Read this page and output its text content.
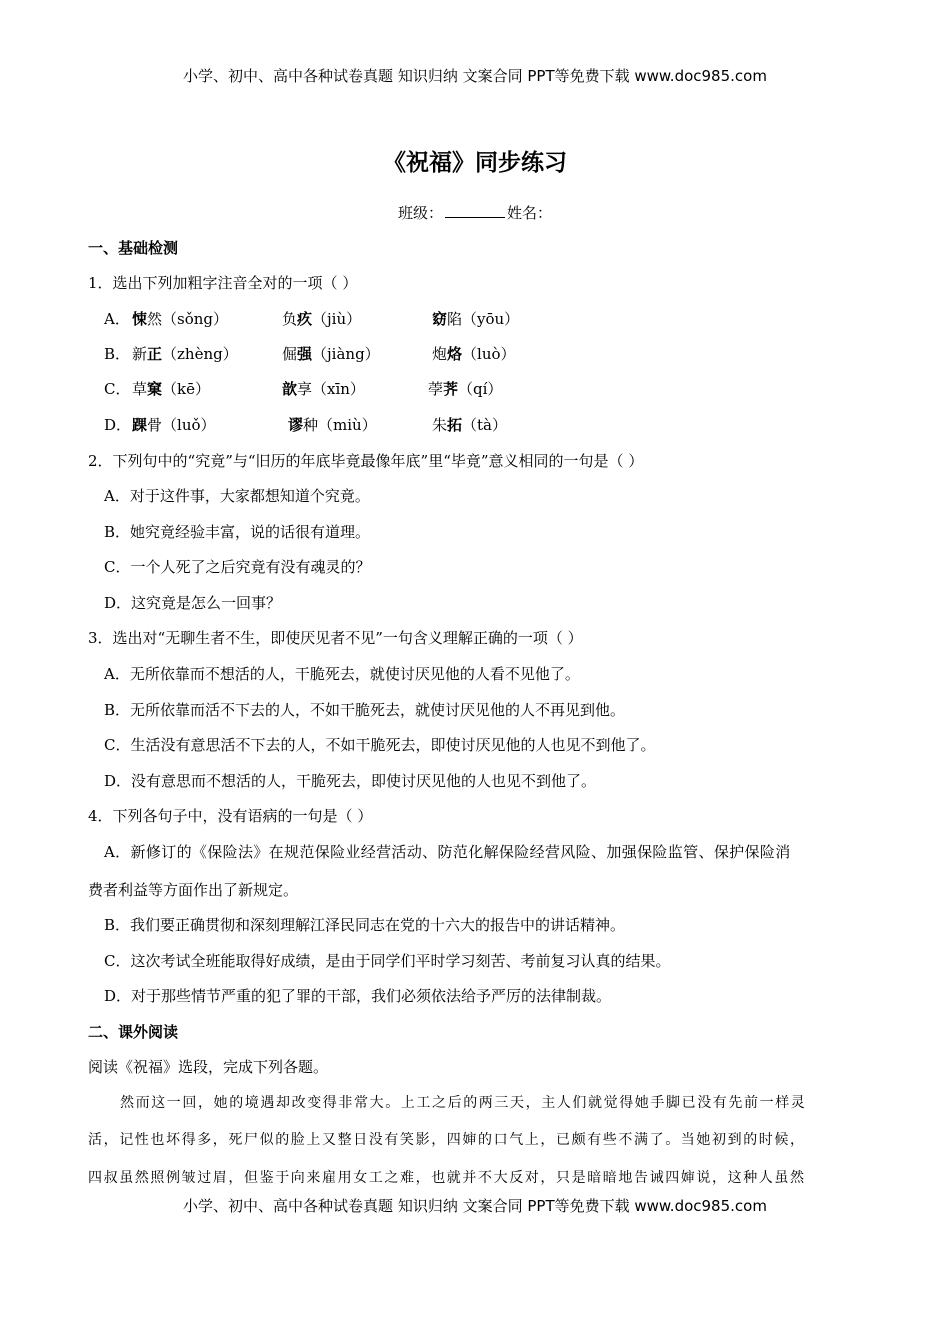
小学、初中、高中各种试卷真题 知识归纳 文案合同 PPT等免费下载 www.doc985.com
《祝福》同步练习
班级：	姓名：
一、基础检测
1．选出下列加粗字注音全对的一项（ ）
A． 悚然（sǒng）	负疚（jiù）	窈陷（yōu）
B． 新正（zhèng）	倔强（jiàng）	炮烙（luò）
C． 草窠（kē）	歆享（xīn）	荸荠（qí）
D． 踝骨（luǒ）	谬种（miù）	朱拓（tà）
2．下列句中的“究竟”与“旧历的年底毕竟最像年底”里“毕竟”意义相同的一句是（ ）
A．对于这件事，大家都想知道个究竟。
B．她究竟经验丰富，说的话很有道理。
C．一个人死了之后究竟有没有魂灵的？
D．这究竟是怎么一回事？
3．选出对“无聊生者不生，即使厌见者不见”一句含义理解正确的一项（ ）
A．无所依靠而不想活的人，干脆死去，就使讨厌见他的人看不见他了。
B．无所依靠而活不下去的人，不如干脆死去，就使讨厌见他的人不再见到他。
C．生活没有意思活不下去的人，不如干脆死去，即使讨厌见他的人也见不到他了。
D．没有意思而不想活的人，干脆死去，即使讨厌见他的人也见不到他了。
4．下列各句子中，没有语病的一句是（ ）
A．新修订的《保险法》在规范保险业经营活动、防范化解保险经营风险、加强保险监管、保护保险消
费者利益等方面作出了新规定。
B．我们要正确贯彻和深刻理解江泽民同志在党的十六大的报告中的讲话精神。
C．这次考试全班能取得好成绩，是由于同学们平时学习刻苦、考前复习认真的结果。
D．对于那些情节严重的犯了罪的干部，我们必须依法给予严厉的法律制裁。
二、课外阅读
阅读《祝福》选段，完成下列各题。
然而这一回，她的境遇却改变得非常大。上工之后的两三天，主人们就觉得她手脚已没有先前一样灵
活，记性也坏得多，死尸似的脸上又整日没有笑影，四婶的口气上，已颇有些不满了。当她初到的时候，
四叔虽然照例皱过眉，但鉴于向来雇用女工之难，也就并不大反对，只是暗暗地告诫四婶说，这种人虽然
小学、初中、高中各种试卷真题 知识归纳 文案合同 PPT等免费下载 www.doc985.com
